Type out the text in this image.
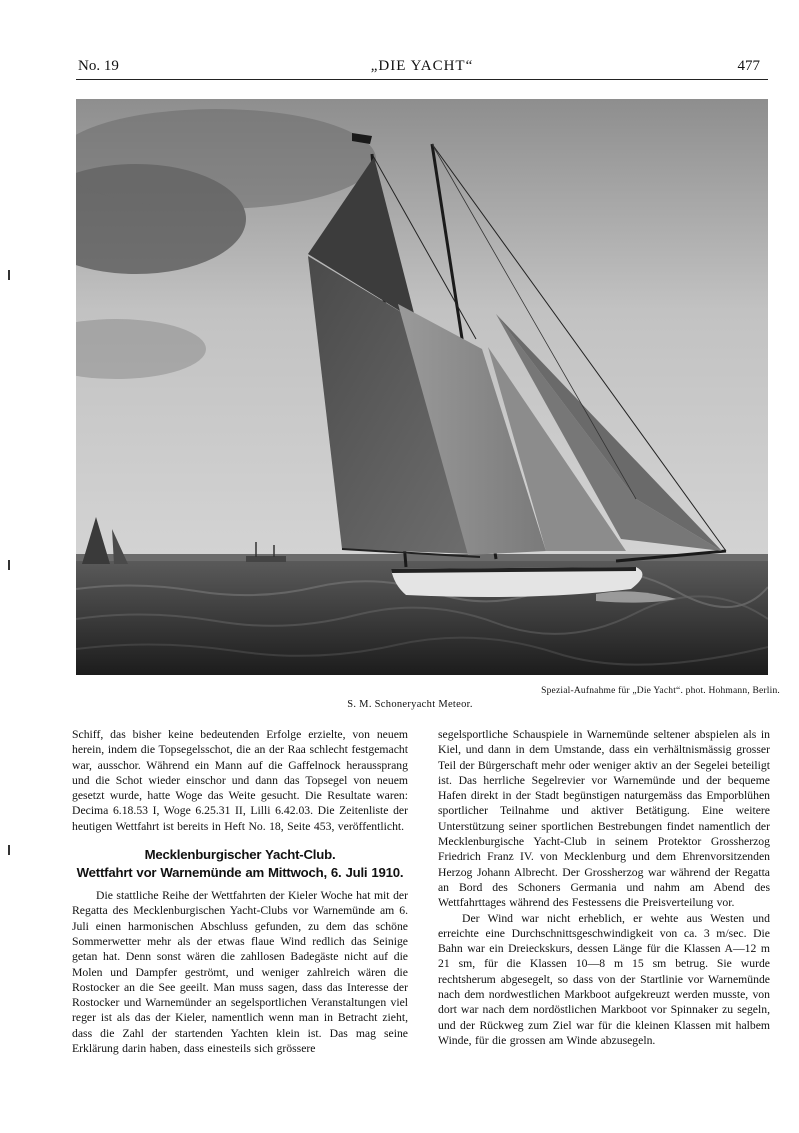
No. 19	„DIE YACHT“	477
Spezial-Aufnahme für „Die Yacht“. phot. Hohmann, Berlin.
S. M. Schoneryacht Meteor.

Schiff, das bisher keine bedeutenden Erfolge erzielte, von neuem herein, indem die Topsegelsschot, die an der Raa schlecht festgemacht war, ausschor. Während ein Mann auf die Gaffelnock heraussprang und die Schot wieder einschor und dann das Topsegel von neuem gesetzt wurde, hatte Woge das Weite gesucht. Die Resultate waren: Decima 6.18.53 I, Woge 6.25.31 II, Lilli 6.42.03. Die Zeitenliste der heutigen Wettfahrt ist bereits in Heft No. 18, Seite 453, veröffentlicht.

Mecklenburgischer Yacht-Club.
Wettfahrt vor Warnemünde am Mittwoch, 6. Juli 1910.

Die stattliche Reihe der Wettfahrten der Kieler Woche hat mit der Regatta des Mecklenburgischen Yacht-Clubs vor Warnemünde am 6. Juli einen harmonischen Abschluss gefunden, zu dem das schöne Sommerwetter mehr als der etwas flaue Wind redlich das Seinige getan hat. Denn sonst wären die zahllosen Badegäste nicht auf die Molen und Dampfer geströmt, und weniger zahlreich wären die Rostocker an die See geeilt. Man muss sagen, dass das Interesse der Rostocker und Warnemünder an segelsportlichen Veranstaltungen viel reger ist als das der Kieler, namentlich wenn man in Betracht zieht, dass die Zahl der startenden Yachten klein ist. Das mag seine Erklärung darin haben, dass einesteils sich grössere

segelsportliche Schauspiele in Warnemünde seltener abspielen als in Kiel, und dann in dem Umstande, dass ein verhältnismässig grosser Teil der Bürgerschaft mehr oder weniger aktiv an der Segelei beteiligt ist. Das herrliche Segelrevier vor Warnemünde und der bequeme Hafen direkt in der Stadt begünstigen naturgemäss das Emporblühen sportlicher Teilnahme und aktiver Betätigung. Eine weitere Unterstützung seiner sportlichen Bestrebungen findet namentlich der Mecklenburgische Yacht-Club in seinem Protektor Grossherzog Friedrich Franz IV. von Mecklenburg und dem Ehrenvorsitzenden Herzog Johann Albrecht. Der Grossherzog war während der Regatta an Bord des Schoners Germania und nahm am Abend des Wettfahrttages während des Festessens die Preisverteilung vor.

Der Wind war nicht erheblich, er wehte aus Westen und erreichte eine Durchschnittsgeschwindigkeit von ca. 3 m/sec. Die Bahn war ein Dreieckskurs, dessen Länge für die Klassen A—12 m 21 sm, für die Klassen 10—8 m 15 sm betrug. Sie wurde rechtsherum abgesegelt, so dass von der Startlinie vor Warnemünde nach dem nordwestlichen Markboot aufgekreuzt werden musste, von dort war nach dem nordöstlichen Markboot vor Spinnaker zu segeln, und der Rückweg zum Ziel war für die kleinen Klassen mit halbem Winde, für die grossen am Winde abzusegeln.
